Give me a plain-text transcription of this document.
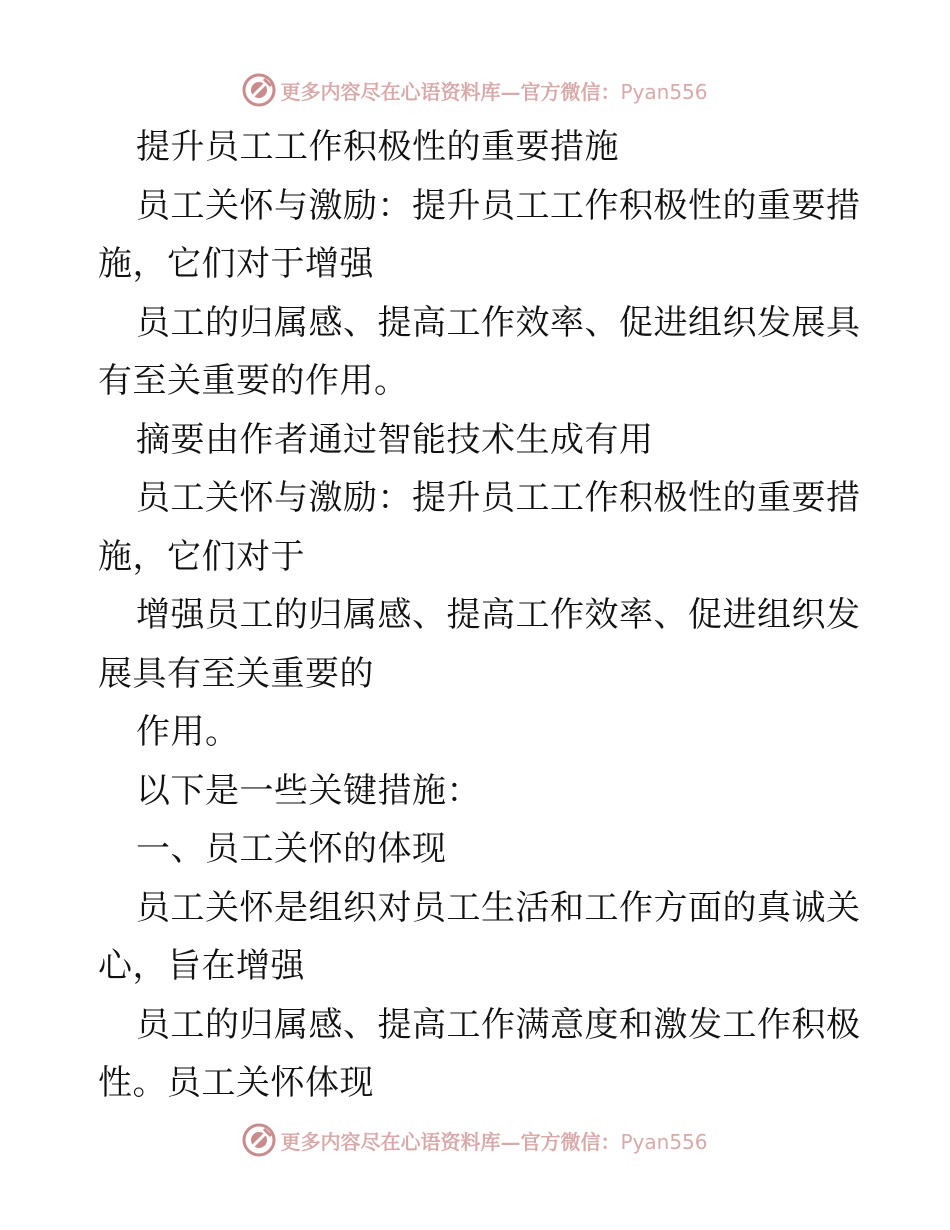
更多内容尽在心语资料库—官方微信：Pyan556
提升员工工作积极性的重要措施
员工关怀与激励：提升员工工作积极性的重要措
施，它们对于增强
员工的归属感、提高工作效率、促进组织发展具
有至关重要的作用。
摘要由作者通过智能技术生成有用
员工关怀与激励：提升员工工作积极性的重要措
施，它们对于
增强员工的归属感、提高工作效率、促进组织发
展具有至关重要的
作用。
以下是一些关键措施：
一、员工关怀的体现
员工关怀是组织对员工生活和工作方面的真诚关
心，旨在增强
员工的归属感、提高工作满意度和激发工作积极
性。员工关怀体现
更多内容尽在心语资料库—官方微信：Pyan556
